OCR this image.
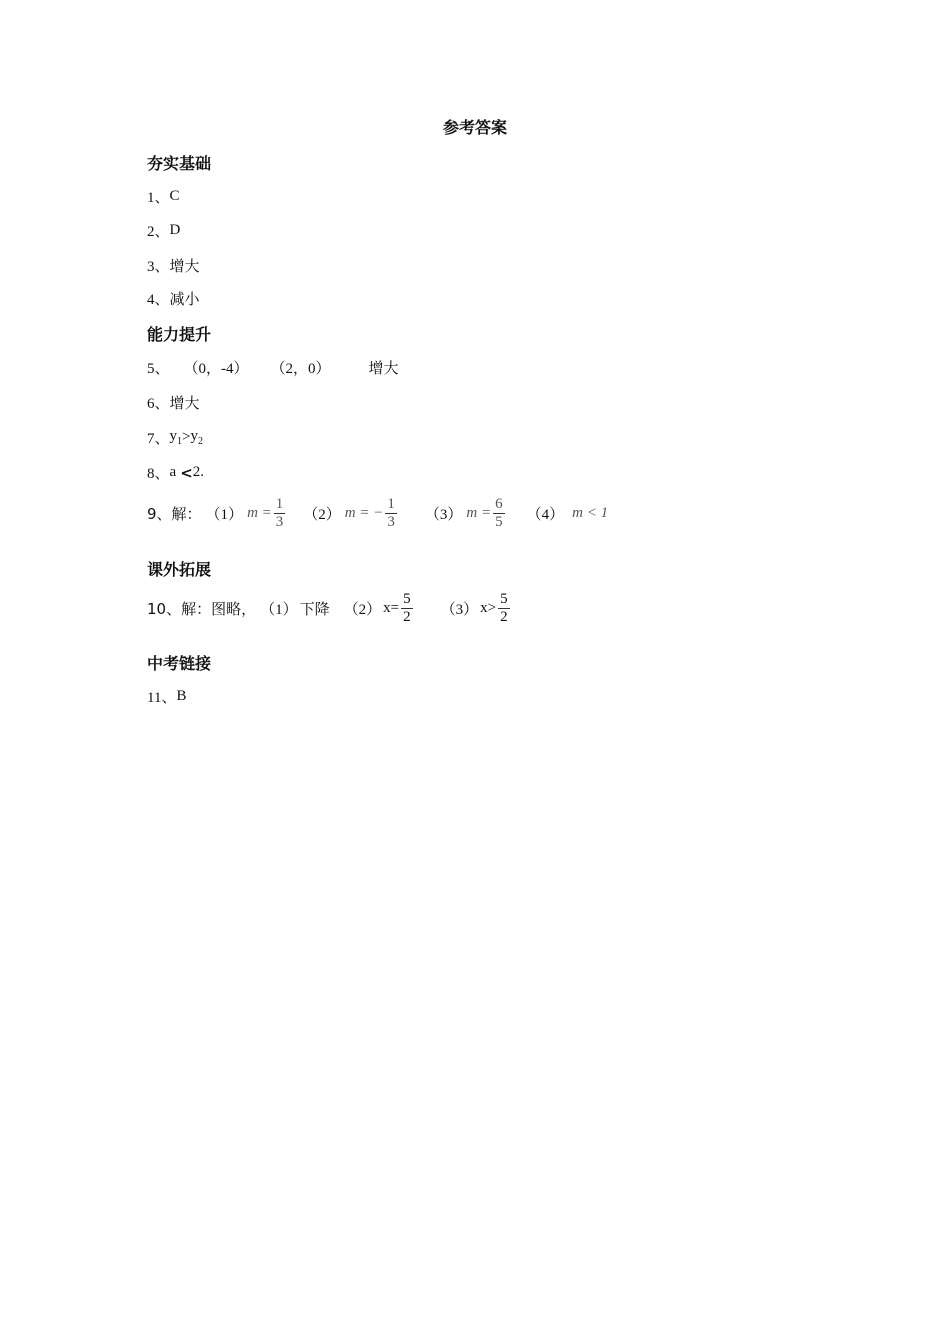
参考答案
夯实基础
1、 C
2、 D
3、 增大
4、 减小
能力提升
5、 （0，-4） （2，0）	增大
6、 增大
7、 $y_1 > y_2$
8、 a < 2.
9、解： （1） $m = \frac{1}{3} (2) m$ = − $\frac{1}{3} (3) m = \frac{6}{5} (4) m < 1$
课外拓展
10、解：图略， （1） 下降 （2） $x= \frac{5}{2} (3)$ $x> \frac{5}{2}$
中考链接
11、 B
